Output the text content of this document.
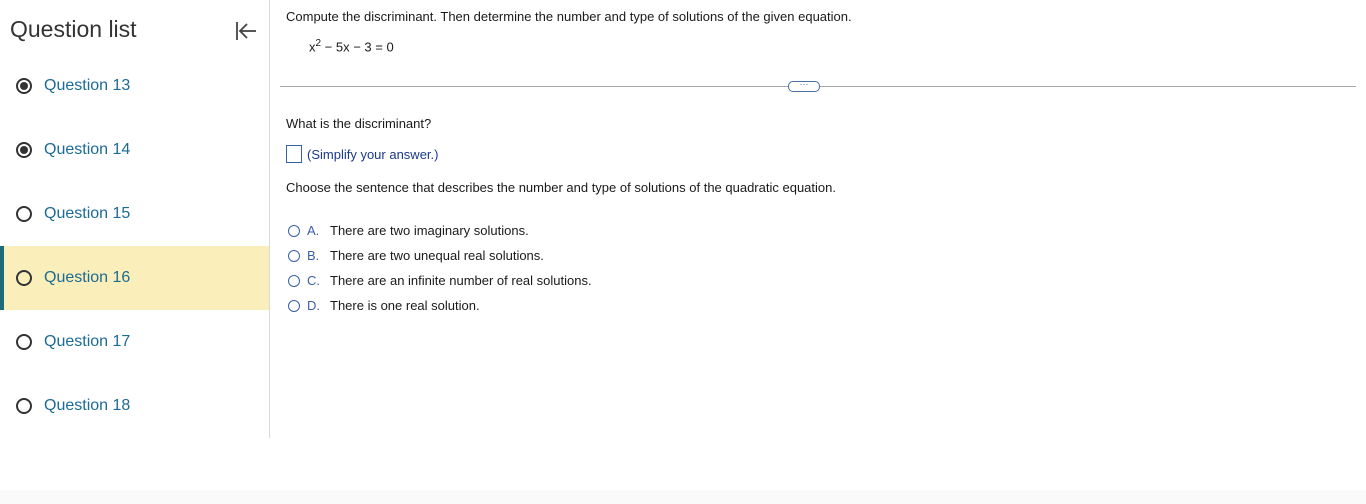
Question list
Question 13
Question 14
Question 15
Question 16
Question 17
Question 18
Compute the discriminant. Then determine the number and type of solutions of the given equation.
$x^2 - 5x - 3 = 0$
···
What is the discriminant?
(Simplify your answer.)
Choose the sentence that describes the number and type of solutions of the quadratic equation.
A. There are two imaginary solutions.
B. There are two unequal real solutions.
C. There are an infinite number of real solutions.
D. There is one real solution.
